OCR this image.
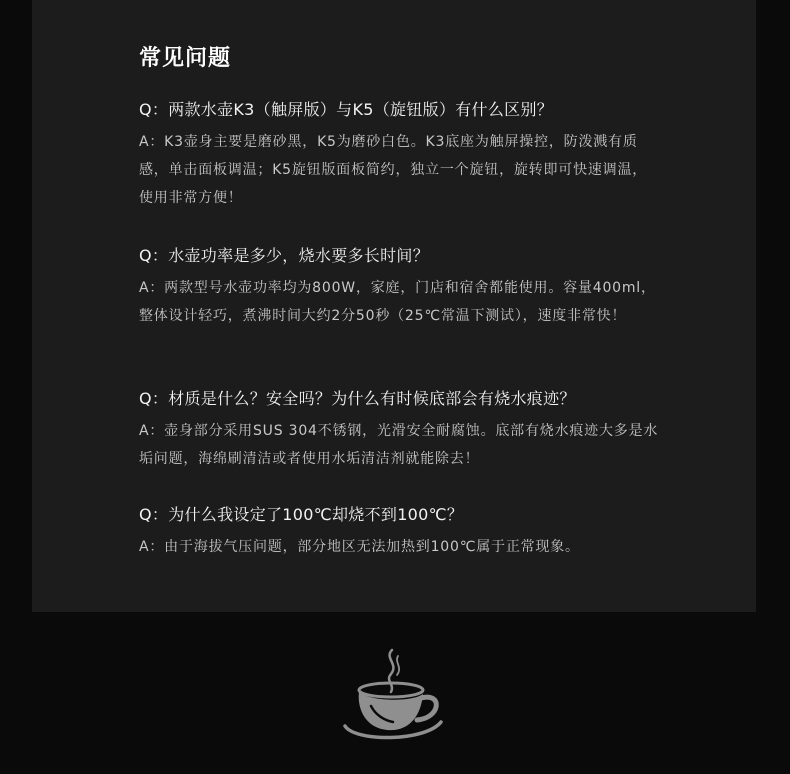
常见问题

Q：两款水壶K3（触屏版）与K5（旋钮版）有什么区别？

A：K3壶身主要是磨砂黑，K5为磨砂白色。K3底座为触屏操控，防泼溅有质感，单击面板调温；K5旋钮版面板简约，独立一个旋钮，旋转即可快速调温，使用非常方便！

Q：水壶功率是多少，烧水要多长时间？

A：两款型号水壶功率均为800W，家庭，门店和宿舍都能使用。容量400ml，整体设计轻巧，煮沸时间大约2分50秒（25℃常温下测试），速度非常快！

Q：材质是什么？安全吗？为什么有时候底部会有烧水痕迹？

A：壶身部分采用SUS 304不锈钢，光滑安全耐腐蚀。底部有烧水痕迹大多是水垢问题，海绵刷清洁或者使用水垢清洁剂就能除去！

Q：为什么我设定了100℃却烧不到100℃？

A：由于海拔气压问题，部分地区无法加热到100℃属于正常现象。
